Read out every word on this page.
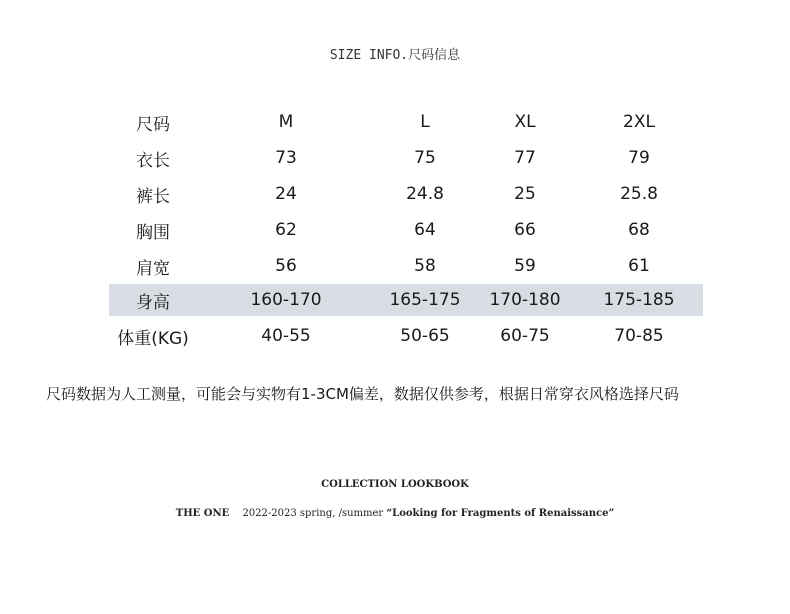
SIZE INFO.尺码信息
尺码	M	L	XL	2XL
衣长	73	75	77	79
裤长	24	24.8	25	25.8
胸围	62	64	66	68
肩宽	56	58	59	61
身高	160-170	165-175	170-180	175-185
体重(KG)	40-55	50-65	60-75	70-85
尺码数据为人工测量，可能会与实物有1-3CM偏差，数据仅供参考，根据日常穿衣风格选择尺码
COLLECTION LOOKBOOK
THE ONE 2022-2023 spring, /summer “Looking for Fragments of Renaissance”
